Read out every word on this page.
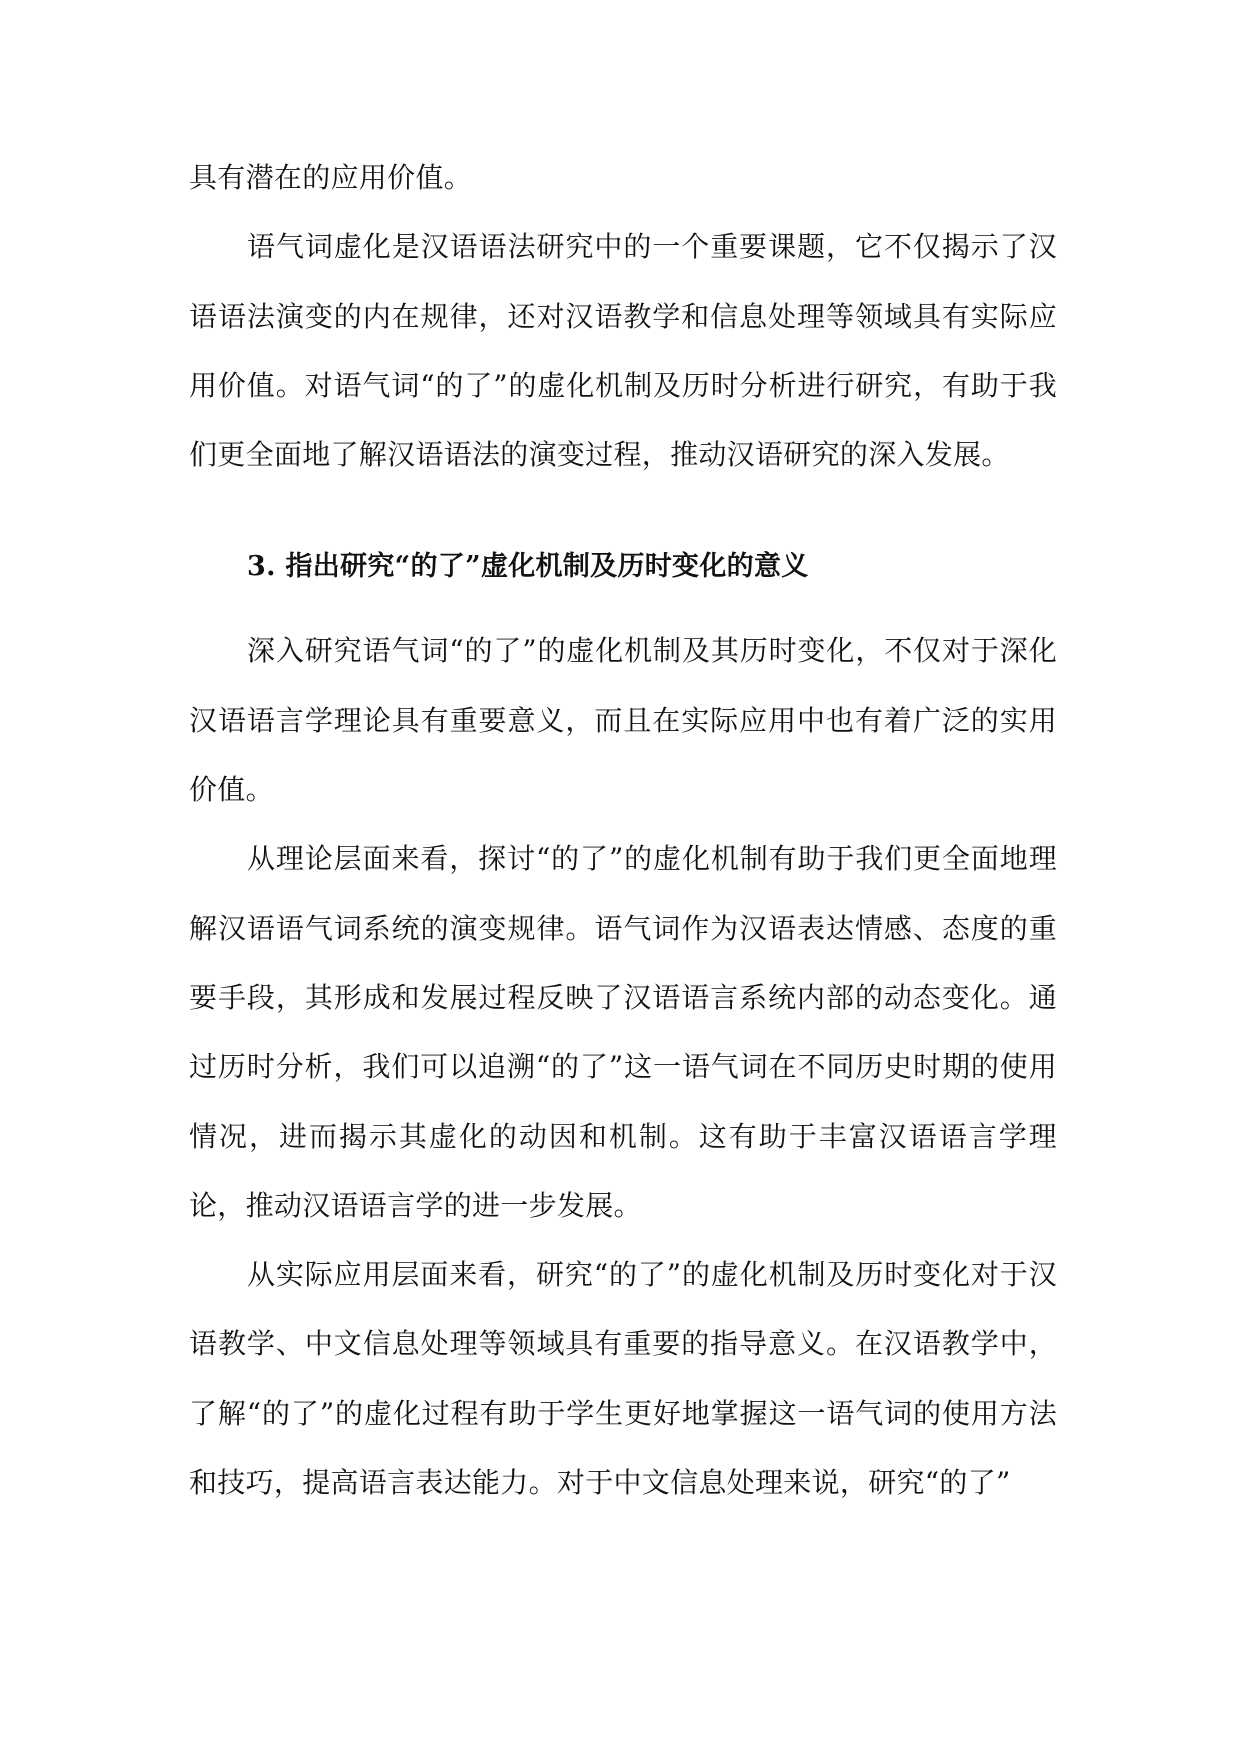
具有潜在的应用价值。

语气词虚化是汉语语法研究中的一个重要课题，它不仅揭示了汉语语法演变的内在规律，还对汉语教学和信息处理等领域具有实际应用价值。对语气词“的了”的虚化机制及历时分析进行研究，有助于我们更全面地了解汉语语法的演变过程，推动汉语研究的深入发展。

3. 指出研究“的了”虚化机制及历时变化的意义

深入研究语气词“的了”的虚化机制及其历时变化，不仅对于深化汉语语言学理论具有重要意义，而且在实际应用中也有着广泛的实用价值。

从理论层面来看，探讨“的了”的虚化机制有助于我们更全面地理解汉语语气词系统的演变规律。语气词作为汉语表达情感、态度的重要手段，其形成和发展过程反映了汉语语言系统内部的动态变化。通过历时分析，我们可以追溯“的了”这一语气词在不同历史时期的使用情况，进而揭示其虚化的动因和机制。这有助于丰富汉语语言学理论，推动汉语语言学的进一步发展。

从实际应用层面来看，研究“的了”的虚化机制及历时变化对于汉语教学、中文信息处理等领域具有重要的指导意义。在汉语教学中，了解“的了”的虚化过程有助于学生更好地掌握这一语气词的使用方法和技巧，提高语言表达能力。对于中文信息处理来说，研究“的了”
